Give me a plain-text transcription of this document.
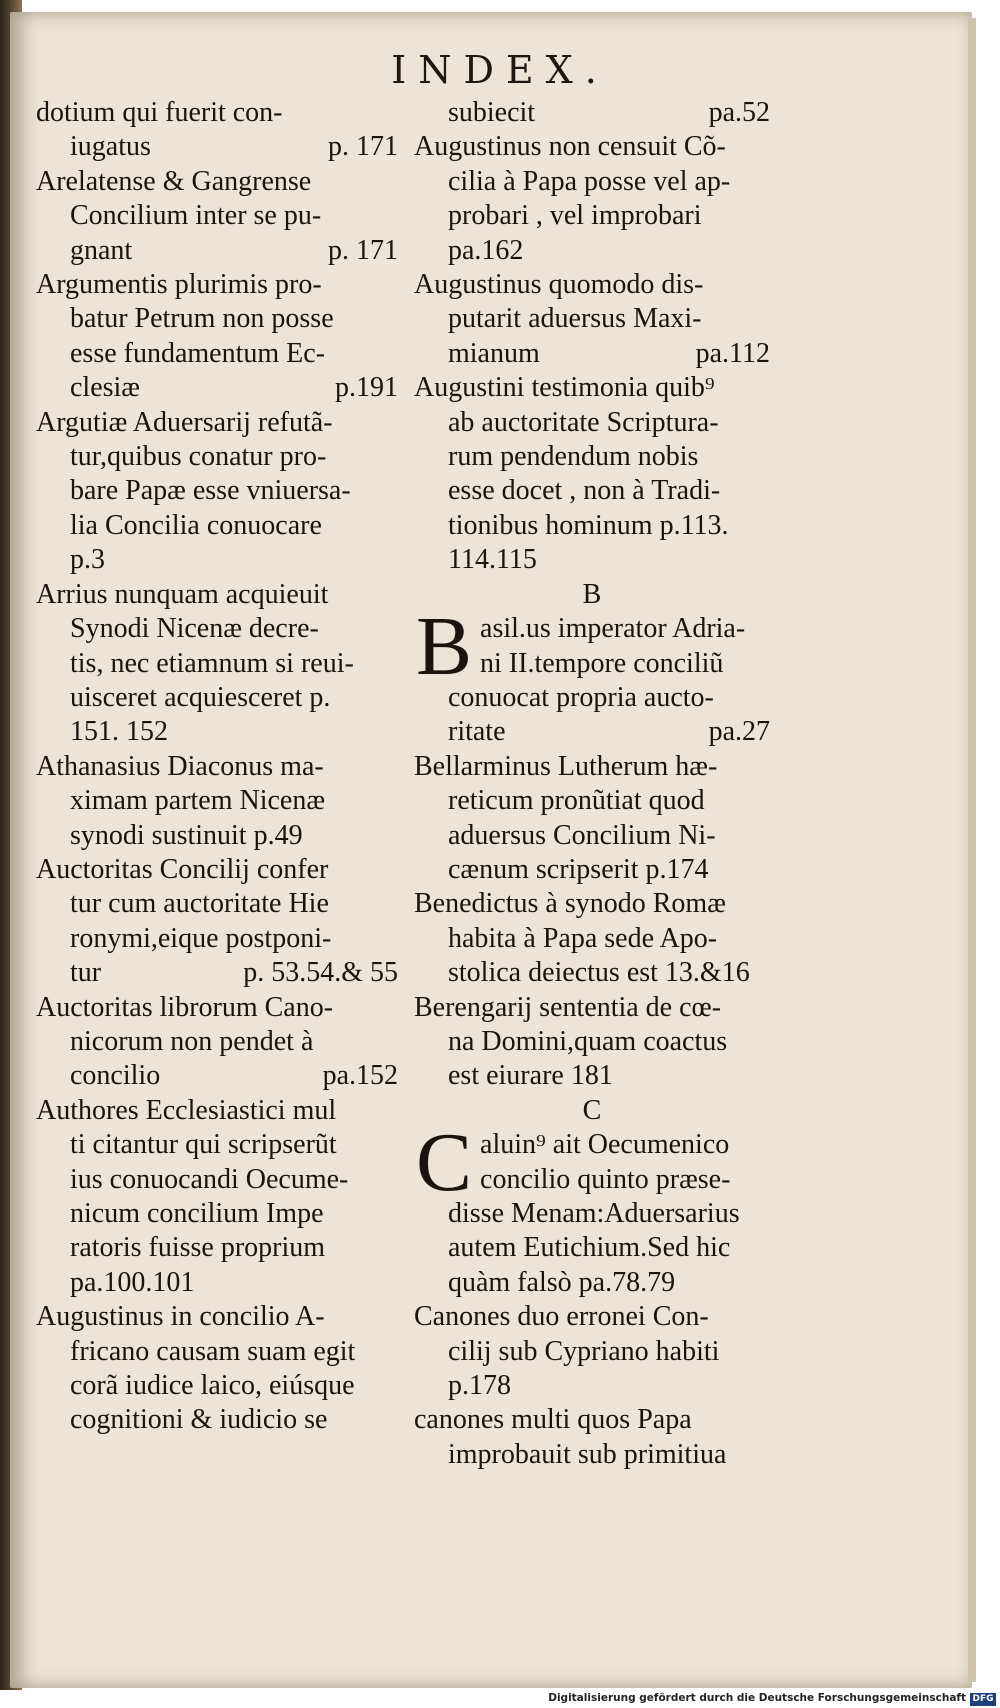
INDEX.
dotium qui fuerit con-
iugatus	p. 171
Arelatense & Gangrense
Concilium inter se pu-
gnant	p. 171
Argumentis plurimis pro-
batur Petrum non posse
esse fundamentum Ec-
clesiæ	p.191
Argutiæ Aduersarij refutã-
tur,quibus conatur pro-
bare Papæ esse vniuersa-
lia Concilia conuocare
p.3
Arrius nunquam acquieuit
Synodi Nicenæ decre-
tis, nec etiamnum si reui-
uisceret acquiesceret p.
151. 152
Athanasius Diaconus ma-
ximam partem Nicenæ
synodi sustinuit p.49
Auctoritas Concilij confer
tur cum auctoritate Hie
ronymi,eique postponi-
tur	p. 53.54.& 55
Auctoritas librorum Cano-
nicorum non pendet à
concilio	pa.152
Authores Ecclesiastici mul
ti citantur qui scripserũt
ius conuocandi Oecume-
nicum concilium Impe
ratoris fuisse proprium
pa.100.101
Augustinus in concilio A-
fricano causam suam egit
corã iudice laico, eiúsque
cognitioni & iudicio se
subiecit	pa.52
Augustinus non censuit Cõ-
cilia à Papa posse vel ap-
probari , vel improbari
pa.162
Augustinus quomodo dis-
putarit aduersus Maxi-
mianum	pa.112
Augustini testimonia quib⁹
ab auctoritate Scriptura-
rum pendendum nobis
esse docet , non à Tradi-
tionibus hominum p.113.
114.115
B
B asil.us imperator Adria-
ni II.tempore conciliũ
conuocat propria aucto-
ritate	pa.27
Bellarminus Lutherum hæ-
reticum pronũtiat quod
aduersus Concilium Ni-
cænum scripserit p.174
Benedictus à synodo Romæ
habita à Papa sede Apo-
stolica deiectus est 13.&16
Berengarij sententia de cœ-
na Domini,quam coactus
est eiurare 181
C
C aluin⁹ ait Oecumenico
concilio quinto præse-
disse Menam:Aduersarius
autem Eutichium.Sed hic
quàm falsò pa.78.79
Canones duo erronei Con-
cilij sub Cypriano habiti
p.178
canones multi quos Papa
improbauit sub primitiua
Digitalisierung gefördert durch die Deutsche Forschungsgemeinschaft DFG
